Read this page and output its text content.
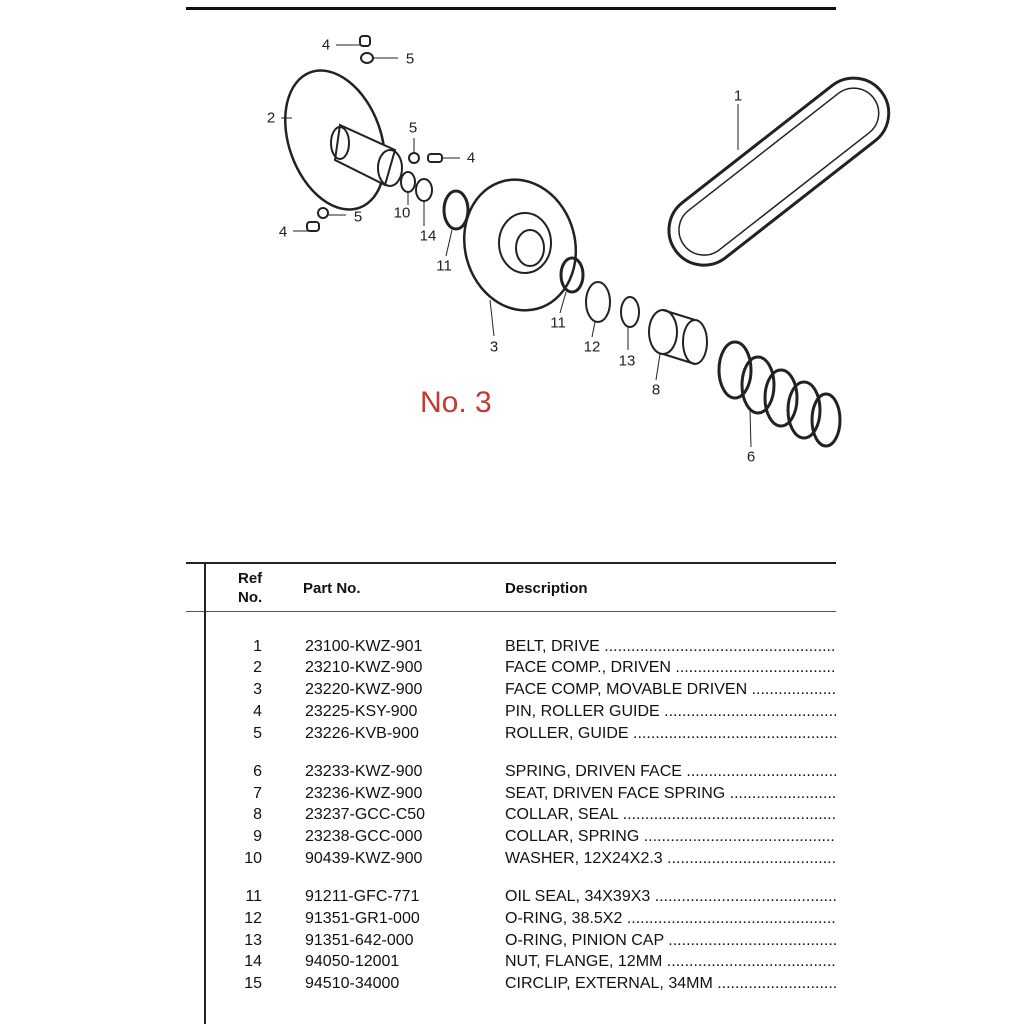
4
5
2
5
4
10
5
4	14
11
3
11
12
13
8
6
1
No. 3
Ref
No.
Part No.	Description
1	23100-KWZ-901	BELT, DRIVE .....
2	23210-KWZ-900	FACE COMP., DRIVEN .....
3	23220-KWZ-900	FACE COMP, MOVABLE DRIVEN .....
4	23225-KSY-900	PIN, ROLLER GUIDE .....
5	23226-KVB-900	ROLLER, GUIDE .....
6	23233-KWZ-900	SPRING, DRIVEN FACE .....
7	23236-KWZ-900	SEAT, DRIVEN FACE SPRING .....
8	23237-GCC-C50	COLLAR, SEAL .....
9	23238-GCC-000	COLLAR, SPRING .....
10	90439-KWZ-900	WASHER, 12X24X2.3 .....
11	91211-GFC-771	OIL SEAL, 34X39X3 .....
12	91351-GR1-000	O-RING, 38.5X2 .....
13	91351-642-000	O-RING, PINION CAP .....
14	94050-12001	NUT, FLANGE, 12MM .....
15	94510-34000	CIRCLIP, EXTERNAL, 34MM .....
